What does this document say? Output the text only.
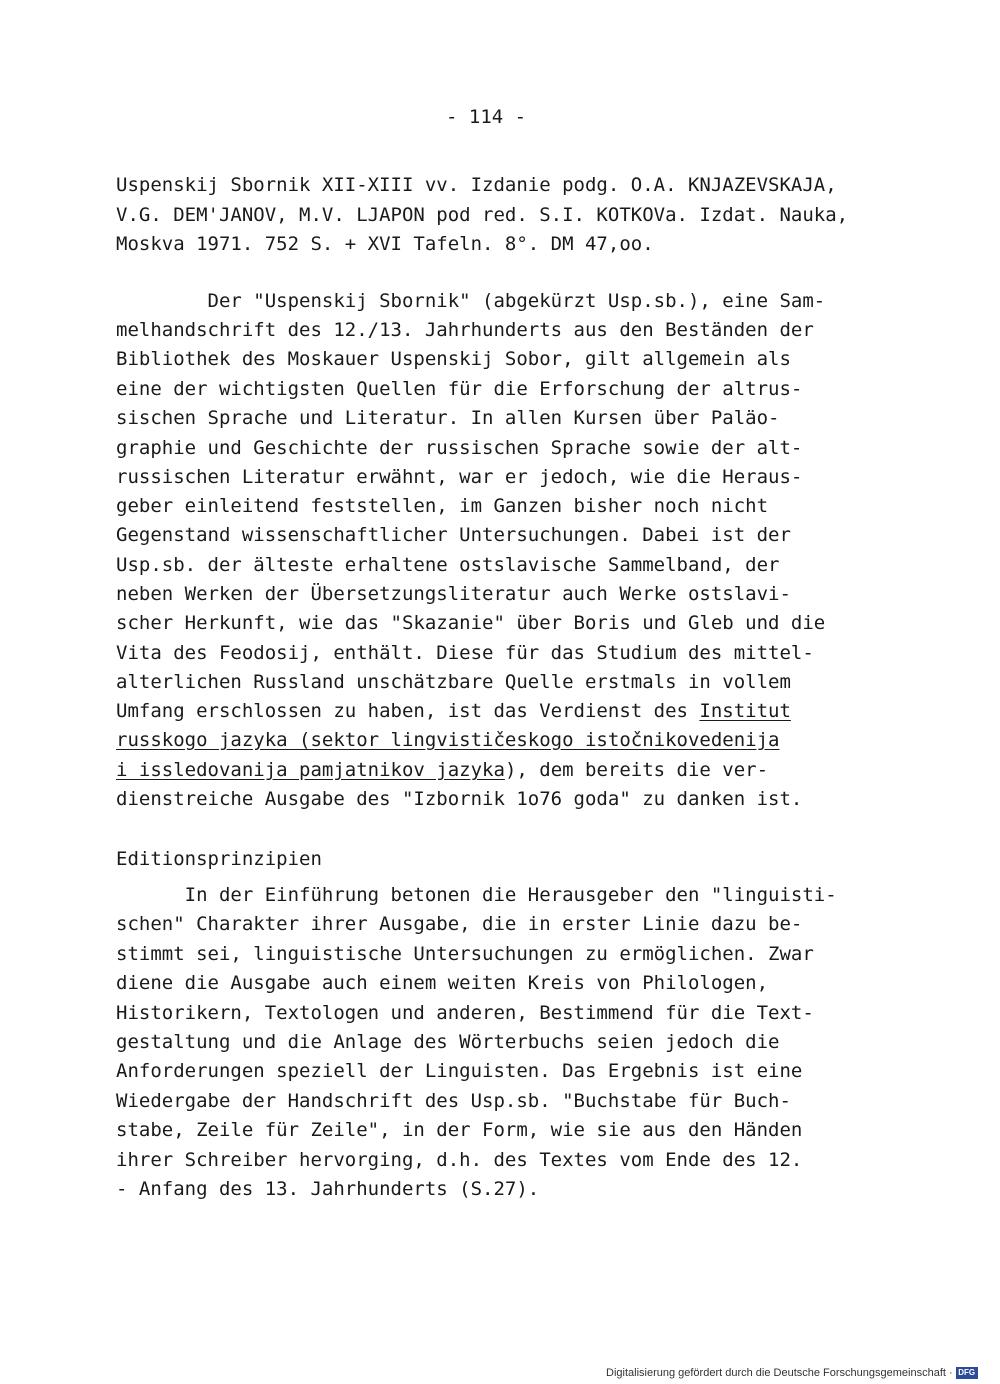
- 114 -
Uspenskij Sbornik XII-XIII vv. Izdanie podg. O.A. KNJAZEVSKAJA,
V.G. DEM'JANOV, M.V. LJAPON pod red. S.I. KOTKOVa. Izdat. Nauka,
Moskva 1971. 752 S. + XVI Tafeln. 8°. DM 47,oo.
Der "Uspenskij Sbornik" (abgekürzt Usp.sb.), eine Sam-
melhandschrift des 12./13. Jahrhunderts aus den Beständen der
Bibliothek des Moskauer Uspenskij Sobor, gilt allgemein als
eine der wichtigsten Quellen für die Erforschung der altrus-
sischen Sprache und Literatur. In allen Kursen über Paläo-
graphie und Geschichte der russischen Sprache sowie der alt-
russischen Literatur erwähnt, war er jedoch, wie die Heraus-
geber einleitend feststellen, im Ganzen bisher noch nicht
Gegenstand wissenschaftlicher Untersuchungen. Dabei ist der
Usp.sb. der älteste erhaltene ostslavische Sammelband, der
neben Werken der Übersetzungsliteratur auch Werke ostslavi-
scher Herkunft, wie das "Skazanie" über Boris und Gleb und die
Vita des Feodosij, enthält. Diese für das Studium des mittel-
alterlichen Russland unschätzbare Quelle erstmals in vollem
Umfang erschlossen zu haben, ist das Verdienst des Institut
russkogo jazyka (sektor lingvističeskogo istočnikovedenija
i issledovanija pamjatnikov jazyka), dem bereits die ver-
dienstreiche Ausgabe des "Izbornik 1o76 goda" zu danken ist.
Editionsprinzipien
In der Einführung betonen die Herausgeber den "linguisti-
schen" Charakter ihrer Ausgabe, die in erster Linie dazu be-
stimmt sei, linguistische Untersuchungen zu ermöglichen. Zwar
diene die Ausgabe auch einem weiten Kreis von Philologen,
Historikern, Textologen und anderen, Bestimmend für die Text-
gestaltung und die Anlage des Wörterbuchs seien jedoch die
Anforderungen speziell der Linguisten. Das Ergebnis ist eine
Wiedergabe der Handschrift des Usp.sb. "Buchstabe für Buch-
stabe, Zeile für Zeile", in der Form, wie sie aus den Händen
ihrer Schreiber hervorging, d.h. des Textes vom Ende des 12.
- Anfang des 13. Jahrhunderts (S.27).
Digitalisierung gefördert durch die Deutsche Forschungsgemeinschaft · DFG
